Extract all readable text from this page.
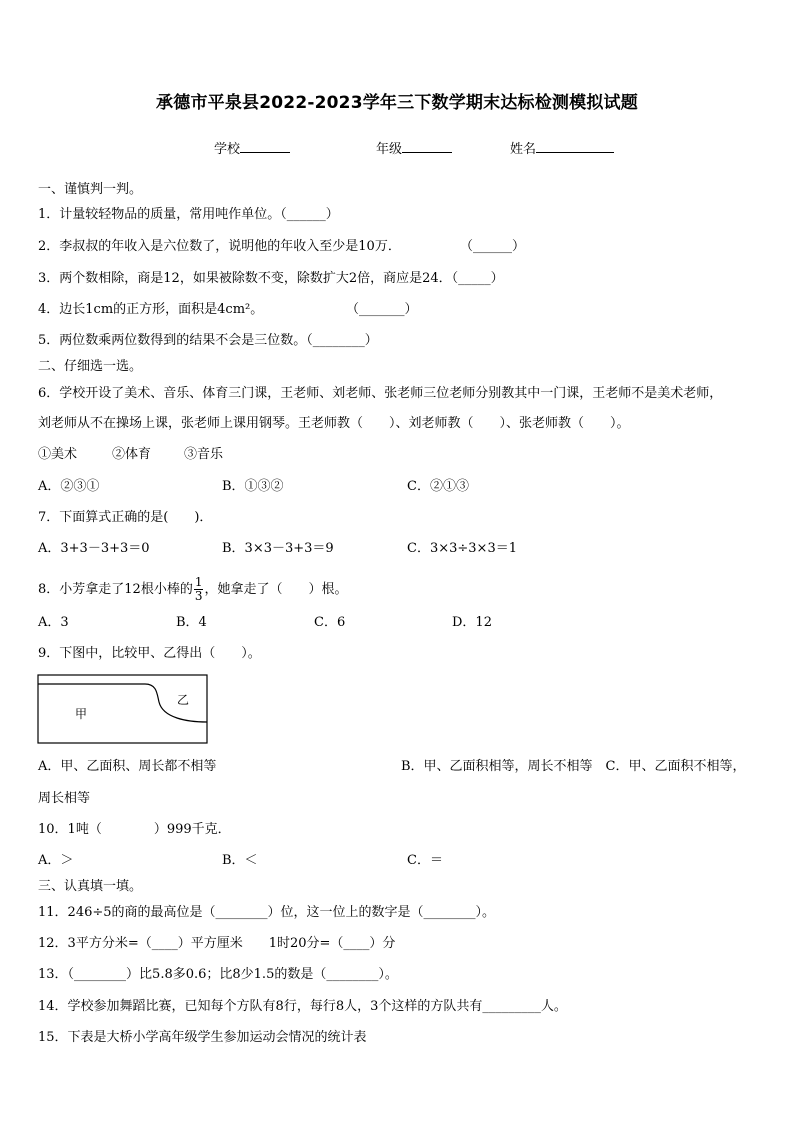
承德市平泉县2022-2023学年三下数学期末达标检测模拟试题
学校	年级	姓名
一、谨慎判一判。
1．计量较轻物品的质量，常用吨作单位。（______）
2．李叔叔的年收入是六位数了，说明他的年收入至少是10万．	（______）
3．两个数相除，商是12，如果被除数不变，除数扩大2倍，商应是24．（_____）
4．边长1cm的正方形，面积是4cm²。	（_______）
5．两位数乘两位数得到的结果不会是三位数。（________）
二、仔细选一选。
6．学校开设了美术、音乐、体育三门课，王老师、刘老师、张老师三位老师分别教其中一门课，王老师不是美术老师，
刘老师从不在操场上课，张老师上课用钢琴。王老师教（　　）、刘老师教（　　）、张老师教（　　）。
①美术	②体育	③音乐
A．②③①	B．①③②	C．②①③
7．下面算式正确的是(　　)．
A．3+3－3+3＝0	B．3×3－3+3＝9	C．3×3÷3×3＝1
8．小芳拿走了12根小棒的 $\frac{1}{3}$ ，她拿走了（　　）根。
A．3	B．4	C．6	D．12
9．下图中，比较甲、乙得出（　　）。
甲
乙
A．甲、乙面积、周长都不相等	B．甲、乙面积相等，周长不相等　C．甲、乙面积不相等，
周长相等
10．1吨（　　　　）999千克．
A．＞	B．＜	C．＝
三、认真填一填。
11．246÷5的商的最高位是（________）位，这一位上的数字是（________）。
12．3平方分米=（____）平方厘米　　1时20分=（____）分
13．（________）比5.8多0.6；比8少1.5的数是（________）。
14．学校参加舞蹈比赛，已知每个方队有8行，每行8人，3个这样的方队共有_________人。
15．下表是大桥小学高年级学生参加运动会情况的统计表
